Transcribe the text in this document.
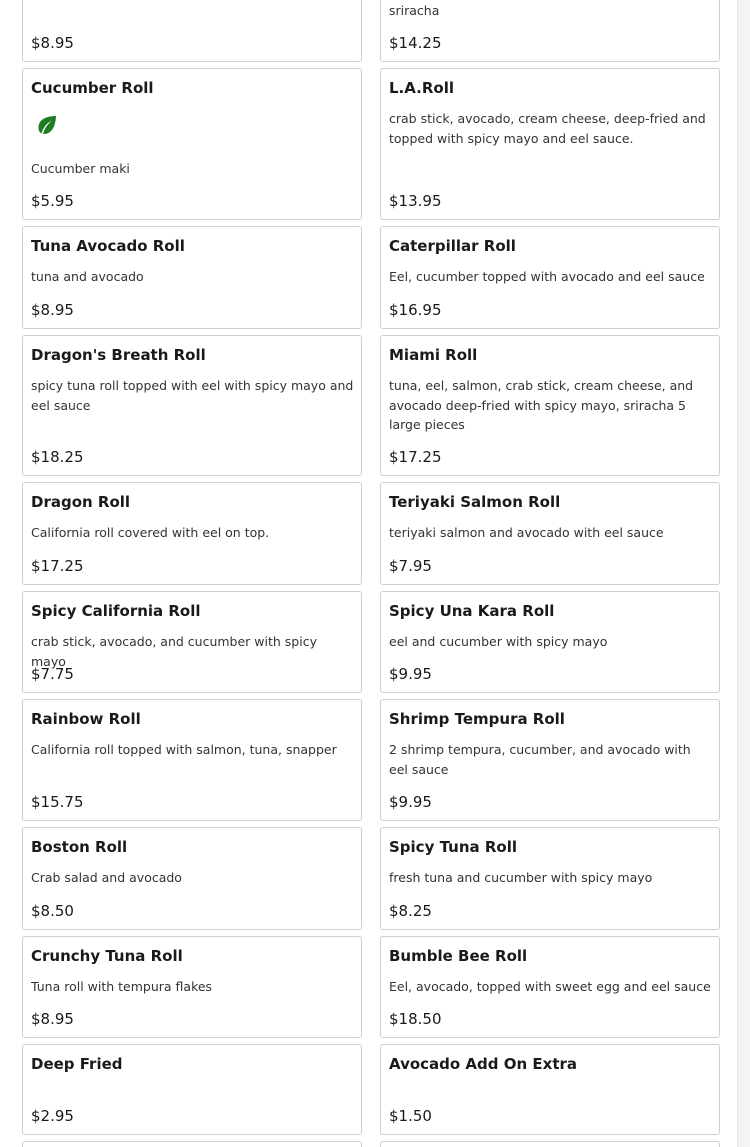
$8.95
sriracha
$14.25
Cucumber Roll
Cucumber maki
$5.95
L.A.Roll
crab stick, avocado, cream cheese, deep-fried and topped with spicy mayo and eel sauce.
$13.95
Tuna Avocado Roll
tuna and avocado
$8.95
Caterpillar Roll
Eel, cucumber topped with avocado and eel sauce
$16.95
Dragon's Breath Roll
spicy tuna roll topped with eel with spicy mayo and eel sauce
$18.25
Miami Roll
tuna, eel, salmon, crab stick, cream cheese, and avocado deep-fried with spicy mayo, sriracha 5 large pieces
$17.25
Dragon Roll
California roll covered with eel on top.
$17.25
Teriyaki Salmon Roll
teriyaki salmon and avocado with eel sauce
$7.95
Spicy California Roll
crab stick, avocado, and cucumber with spicy mayo
$7.75
Spicy Una Kara Roll
eel and cucumber with spicy mayo
$9.95
Rainbow Roll
California roll topped with salmon, tuna, snapper
$15.75
Shrimp Tempura Roll
2 shrimp tempura, cucumber, and avocado with eel sauce
$9.95
Boston Roll
Crab salad and avocado
$8.50
Spicy Tuna Roll
fresh tuna and cucumber with spicy mayo
$8.25
Crunchy Tuna Roll
Tuna roll with tempura flakes
$8.95
Bumble Bee Roll
Eel, avocado, topped with sweet egg and eel sauce
$18.50
Deep Fried
$2.95
Avocado Add On Extra
$1.50
